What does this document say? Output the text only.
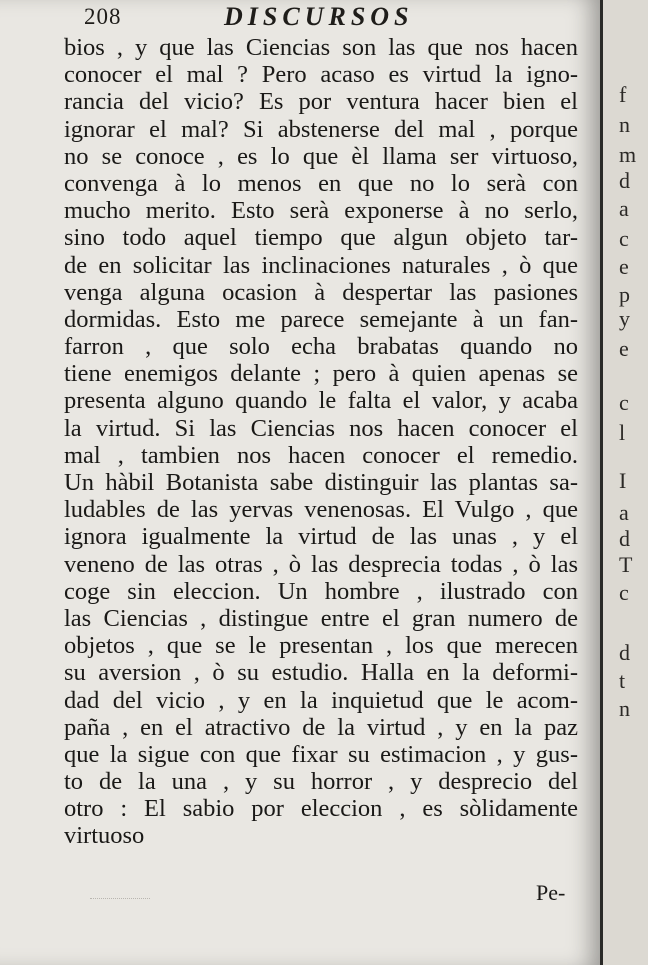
208	DISCURSOS
bios , y que las Ciencias son las que nos hacen
conocer el mal ? Pero acaso es virtud la igno-
rancia del vicio? Es por ventura hacer bien el
ignorar el mal? Si abstenerse del mal , porque
no se conoce , es lo que èl llama ser virtuoso,
convenga à lo menos en que no lo serà con
mucho merito. Esto serà exponerse à no serlo,
sino todo aquel tiempo que algun objeto tar-
de en solicitar las inclinaciones naturales , ò que
venga alguna ocasion à despertar las pasiones
dormidas. Esto me parece semejante à un fan-
farron , que solo echa brabatas quando no
tiene enemigos delante ; pero à quien apenas se
presenta alguno quando le falta el valor, y acaba
la virtud. Si las Ciencias nos hacen conocer el
mal , tambien nos hacen conocer el remedio.
Un hàbil Botanista sabe distinguir las plantas sa-
ludables de las yervas venenosas. El Vulgo , que
ignora igualmente la virtud de las unas , y el
veneno de las otras , ò las desprecia todas , ò las
coge sin eleccion. Un hombre , ilustrado con
las Ciencias , distingue entre el gran numero de
objetos , que se le presentan , los que merecen
su aversion , ò su estudio. Halla en la deformi-
dad del vicio , y en la inquietud que le acom-
paña , en el atractivo de la virtud , y en la paz
que la sigue con que fixar su estimacion , y gus-
to de la una , y su horror , y desprecio del
otro : El sabio por eleccion , es sòlidamente
virtuoso
Pe-
f
n
m
d
a
c
e
p
y
e
c
l
I
a
d
T
c
d
t
n
